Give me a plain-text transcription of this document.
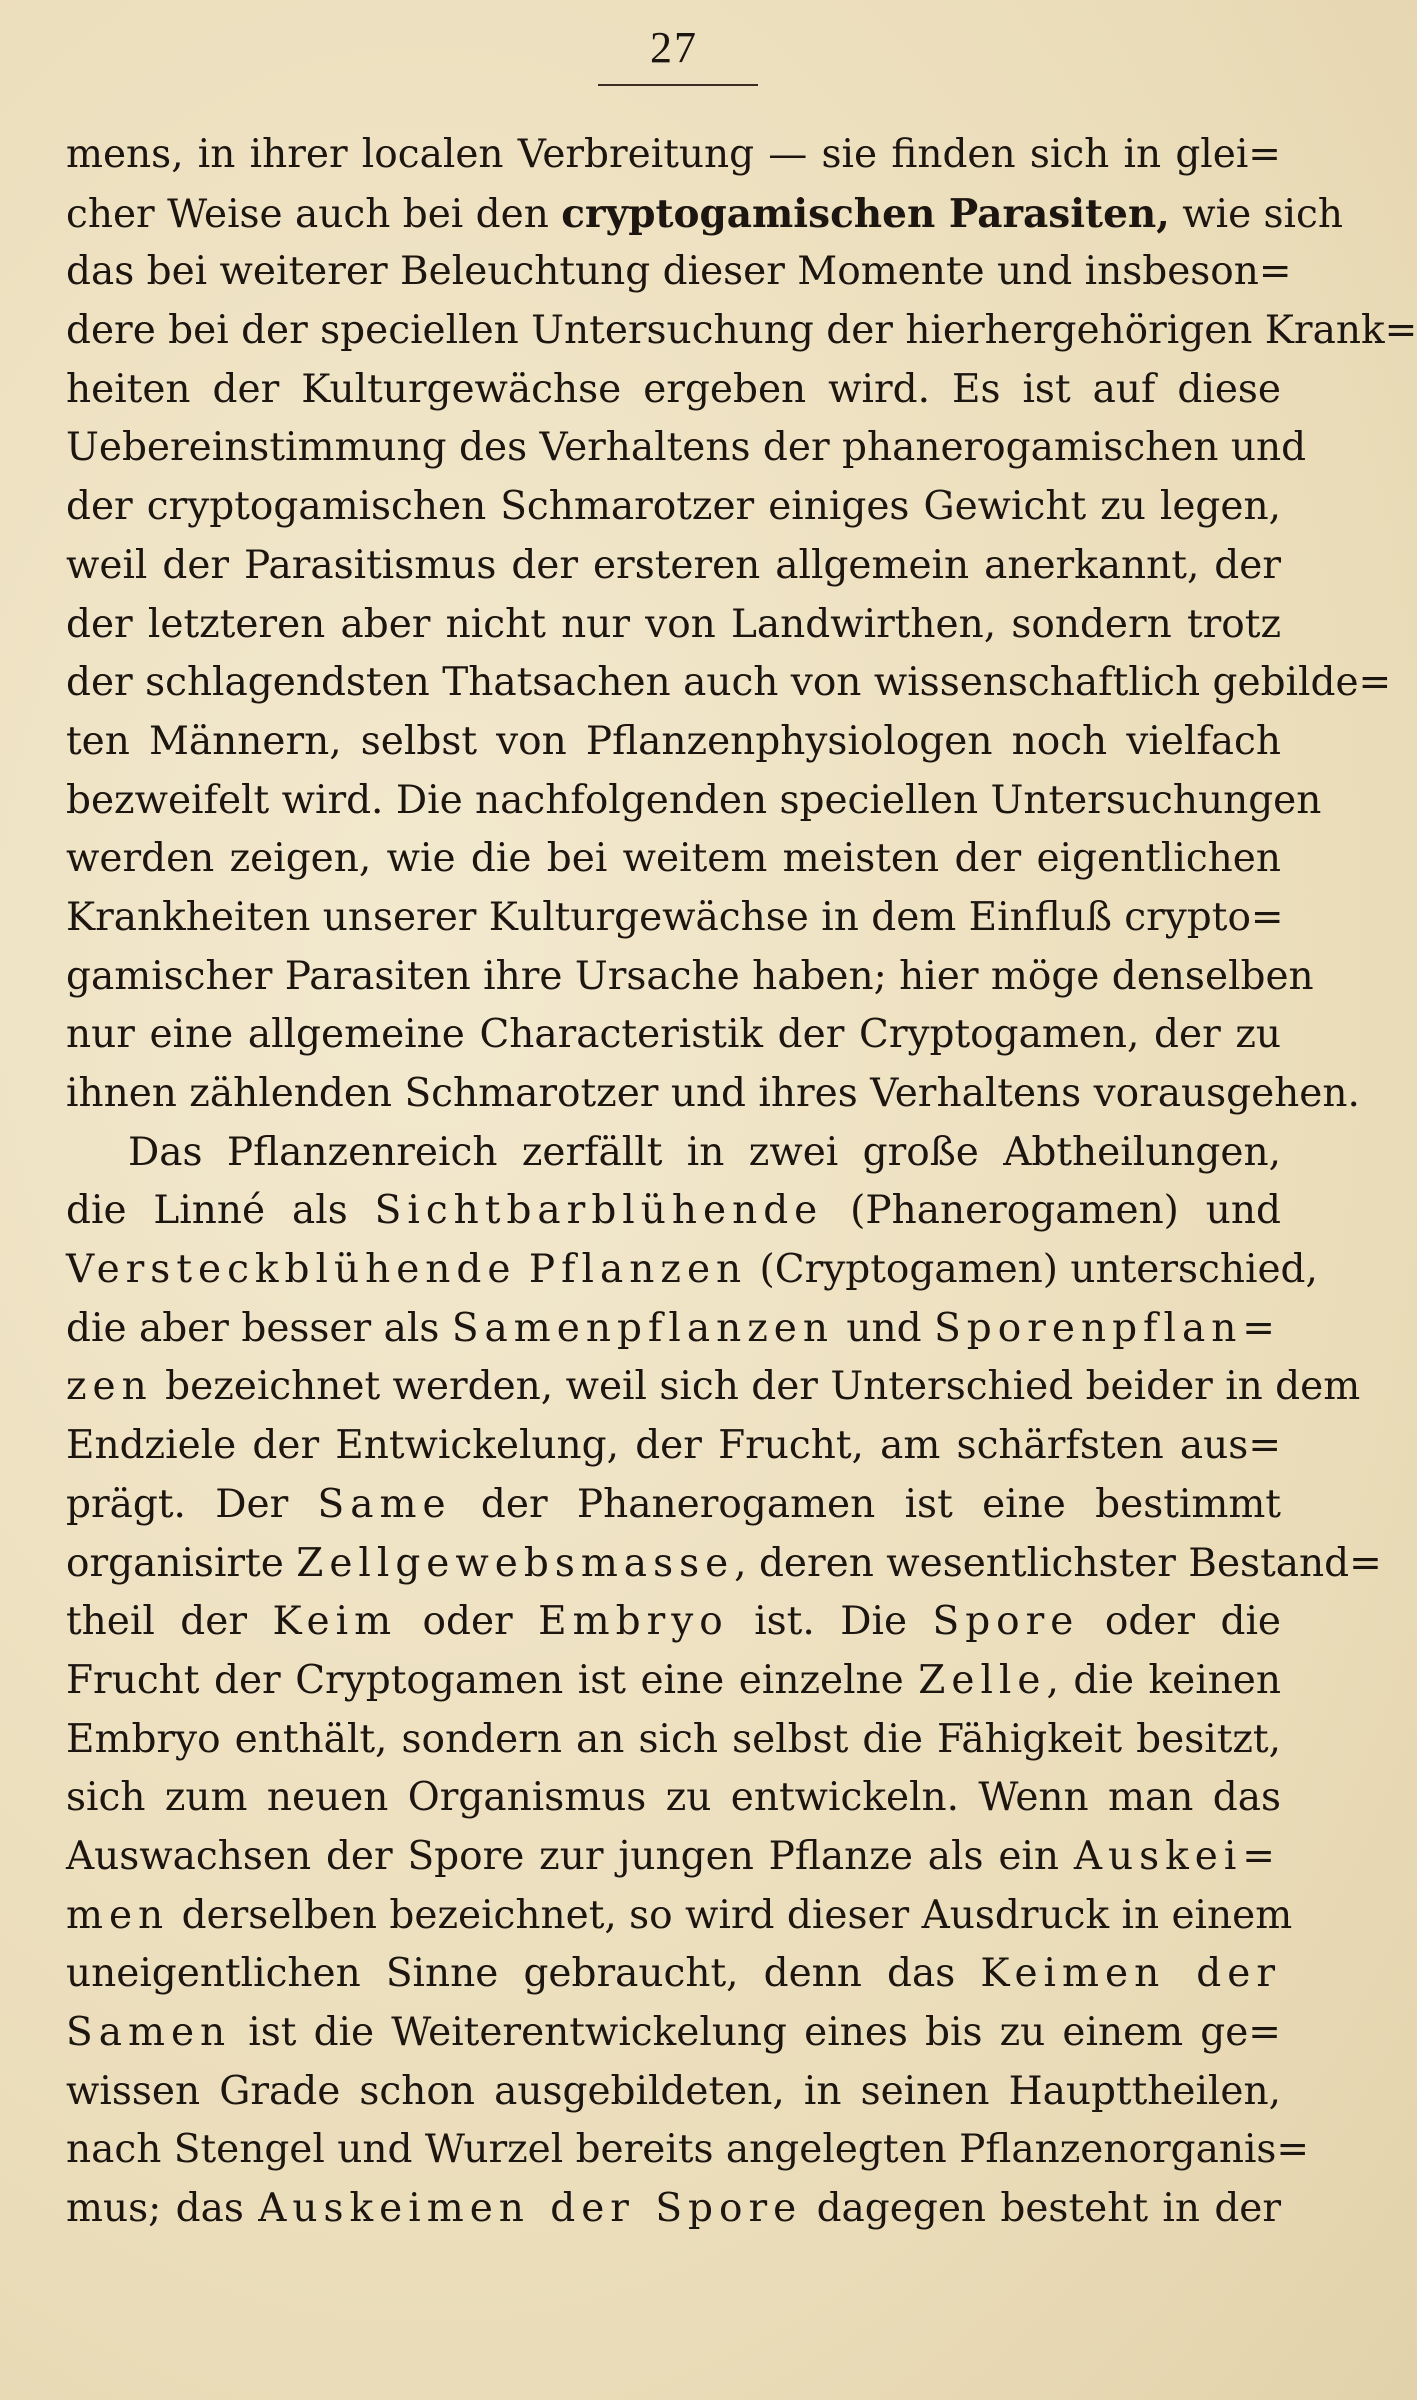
27
mens, in ihrer localen Verbreitung — sie finden sich in glei=
cher Weise auch bei den cryptogamischen Parasiten, wie sich
das bei weiterer Beleuchtung dieser Momente und insbeson=
dere bei der speciellen Untersuchung der hierhergehörigen Krank=
heiten der Kulturgewächse ergeben wird. Es ist auf diese
Uebereinstimmung des Verhaltens der phanerogamischen und
der cryptogamischen Schmarotzer einiges Gewicht zu legen,
weil der Parasitismus der ersteren allgemein anerkannt, der
der letzteren aber nicht nur von Landwirthen, sondern trotz
der schlagendsten Thatsachen auch von wissenschaftlich gebilde=
ten Männern, selbst von Pflanzenphysiologen noch vielfach
bezweifelt wird. Die nachfolgenden speciellen Untersuchungen
werden zeigen, wie die bei weitem meisten der eigentlichen
Krankheiten unserer Kulturgewächse in dem Einfluß crypto=
gamischer Parasiten ihre Ursache haben; hier möge denselben
nur eine allgemeine Characteristik der Cryptogamen, der zu
ihnen zählenden Schmarotzer und ihres Verhaltens vorausgehen.
Das Pflanzenreich zerfällt in zwei große Abtheilungen,
die Linné als Sichtbarblühende (Phanerogamen) und
Versteckblühende Pflanzen (Cryptogamen) unterschied,
die aber besser als Samenpflanzen und Sporenpflan=
zen bezeichnet werden, weil sich der Unterschied beider in dem
Endziele der Entwickelung, der Frucht, am schärfsten aus=
prägt. Der Same der Phanerogamen ist eine bestimmt
organisirte Zellgewebsmasse, deren wesentlichster Bestand=
theil der Keim oder Embryo ist. Die Spore oder die
Frucht der Cryptogamen ist eine einzelne Zelle, die keinen
Embryo enthält, sondern an sich selbst die Fähigkeit besitzt,
sich zum neuen Organismus zu entwickeln. Wenn man das
Auswachsen der Spore zur jungen Pflanze als ein Auskei=
men derselben bezeichnet, so wird dieser Ausdruck in einem
uneigentlichen Sinne gebraucht, denn das Keimen der
Samen ist die Weiterentwickelung eines bis zu einem ge=
wissen Grade schon ausgebildeten, in seinen Haupttheilen,
nach Stengel und Wurzel bereits angelegten Pflanzenorganis=
mus; das Auskeimen der Spore dagegen besteht in der
